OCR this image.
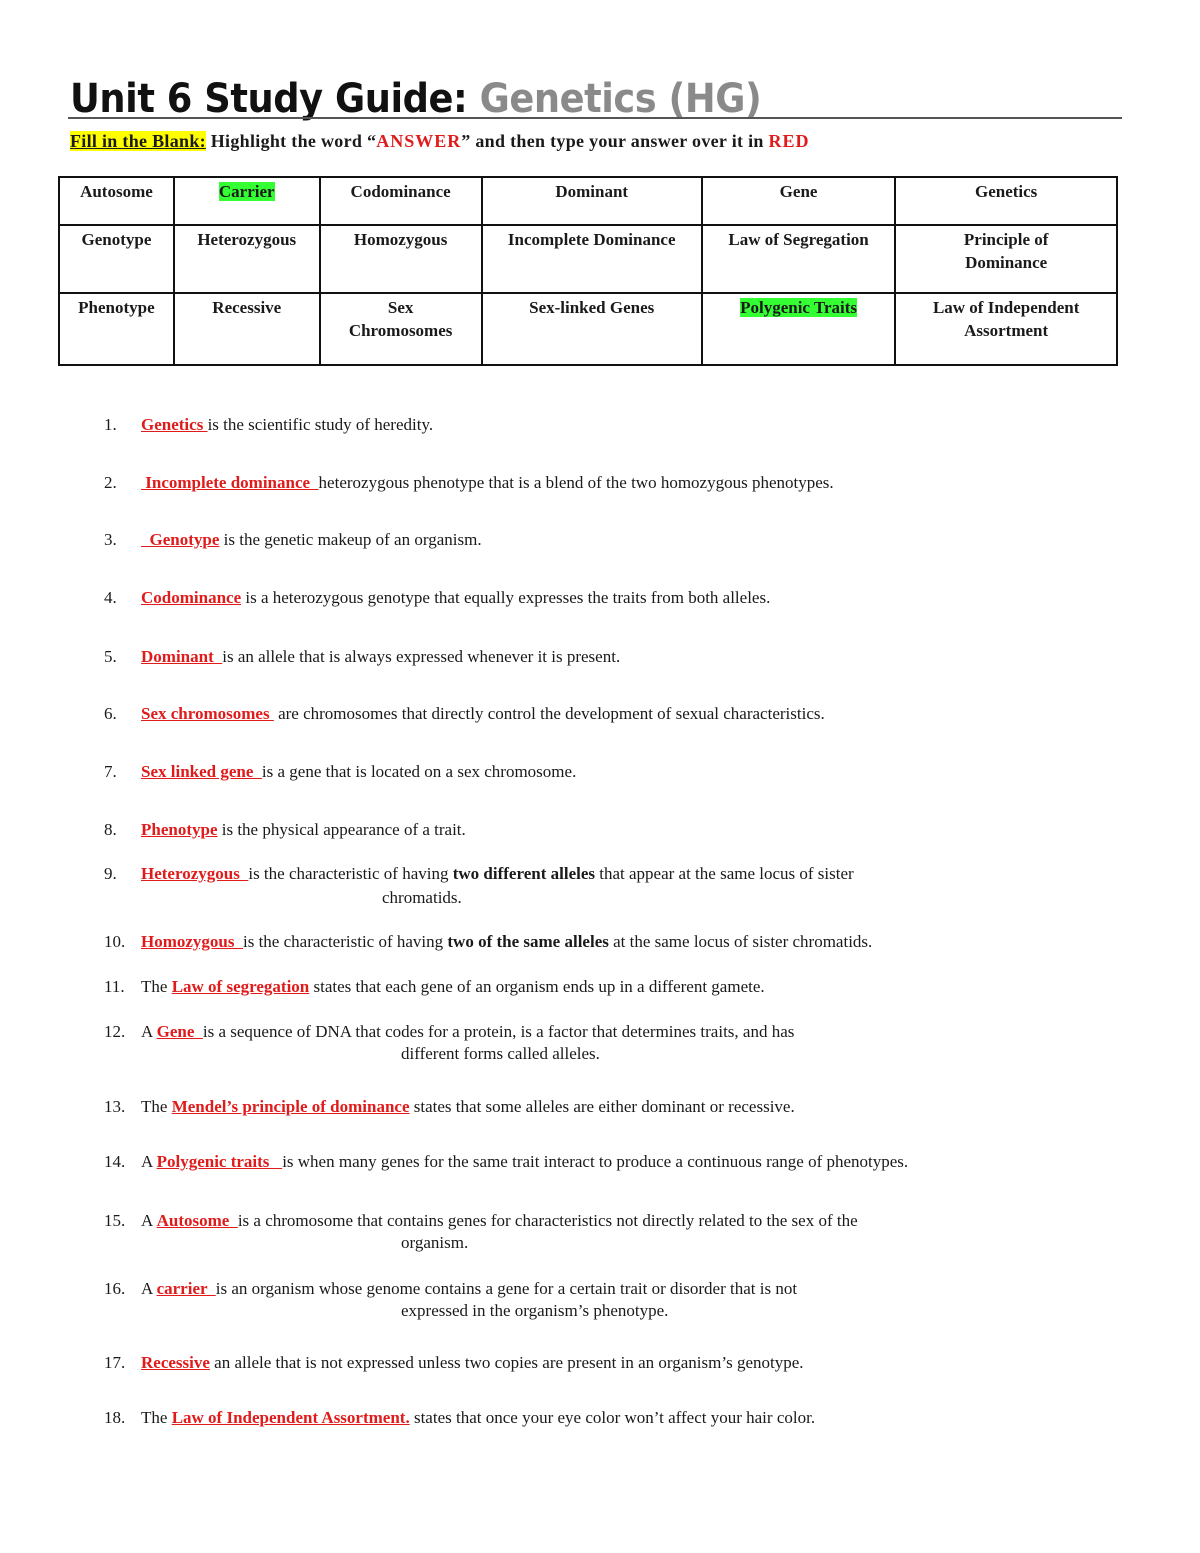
Unit 6 Study Guide: Genetics (HG)
Fill in the Blank: Highlight the word “ANSWER” and then type your answer over it in RED
Autosome	Carrier	Codominance	Dominant	Gene	Genetics
Genotype	Heterozygous	Homozygous	Incomplete Dominance	Law of Segregation	Principle of Dominance
Phenotype	Recessive	Sex Chromosomes	Sex-linked Genes	Polygenic Traits	Law of Independent Assortment
1.	Genetics is the scientific study of heredity.
2.	Incomplete dominance  heterozygous phenotype that is a blend of the two homozygous phenotypes.
3.	Genotype is the genetic makeup of an organism.
4.	Codominance is a heterozygous genotype that equally expresses the traits from both alleles.
5.	Dominant  is an allele that is always expressed whenever it is present.
6.	Sex chromosomes  are chromosomes that directly control the development of sexual characteristics.
7.	Sex linked gene  is a gene that is located on a sex chromosome.
8.	Phenotype is the physical appearance of a trait.
9.	Heterozygous  is the characteristic of having two different alleles that appear at the same locus of sister
chromatids.
10. Homozygous  is the characteristic of having two of the same alleles at the same locus of sister chromatids.
11. The Law of segregation states that each gene of an organism ends up in a different gamete.
12. A Gene  is a sequence of DNA that codes for a protein, is a factor that determines traits, and has
different forms called alleles.
13. The Mendel’s principle of dominance states that some alleles are either dominant or recessive.
14. A Polygenic traits   is when many genes for the same trait interact to produce a continuous range of phenotypes.
15. A Autosome  is a chromosome that contains genes for characteristics not directly related to the sex of the
organism.
16. A carrier  is an organism whose genome contains a gene for a certain trait or disorder that is not
expressed in the organism’s phenotype.
17. Recessive an allele that is not expressed unless two copies are present in an organism’s genotype.
18. The Law of Independent Assortment. states that once your eye color won’t affect your hair color.
